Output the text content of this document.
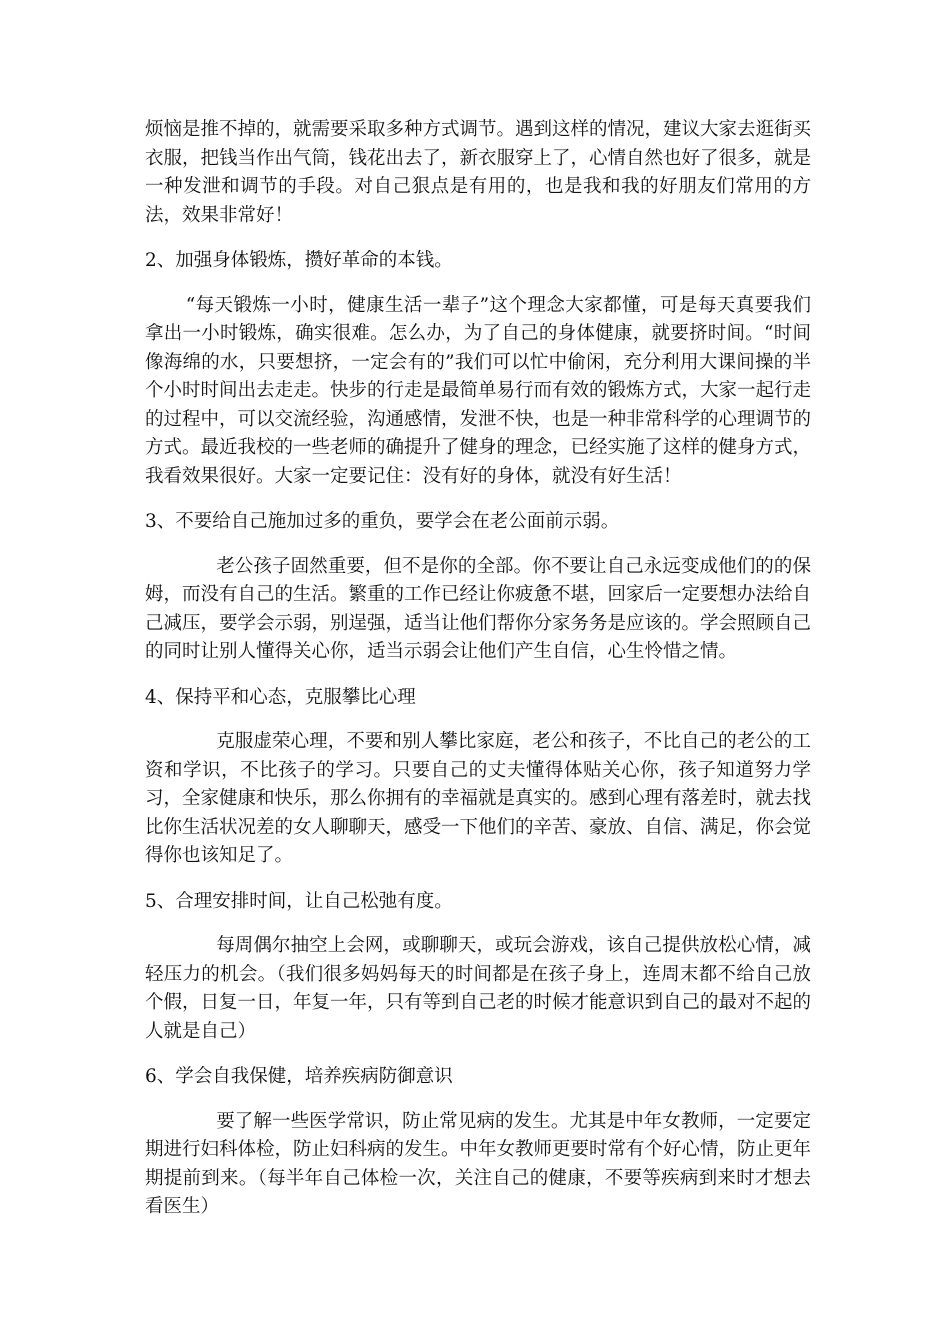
烦恼是推不掉的，就需要采取多种方式调节。遇到这样的情况，建议大家去逛街买衣服，把钱当作出气筒，钱花出去了，新衣服穿上了，心情自然也好了很多，就是一种发泄和调节的手段。对自己狠点是有用的，也是我和我的好朋友们常用的方法，效果非常好！

2、加强身体锻炼，攒好革命的本钱。

“每天锻炼一小时，健康生活一辈子”这个理念大家都懂，可是每天真要我们拿出一小时锻炼，确实很难。怎么办，为了自己的身体健康，就要挤时间。“时间像海绵的水，只要想挤，一定会有的”我们可以忙中偷闲，充分利用大课间操的半个小时时间出去走走。快步的行走是最简单易行而有效的锻炼方式，大家一起行走的过程中，可以交流经验，沟通感情，发泄不快，也是一种非常科学的心理调节的方式。最近我校的一些老师的确提升了健身的理念，已经实施了这样的健身方式，我看效果很好。大家一定要记住：没有好的身体，就没有好生活！

3、不要给自己施加过多的重负，要学会在老公面前示弱。

老公孩子固然重要，但不是你的全部。你不要让自己永远变成他们的的保姆，而没有自己的生活。繁重的工作已经让你疲惫不堪，回家后一定要想办法给自己减压，要学会示弱，别逞强，适当让他们帮你分家务务是应该的。学会照顾自己的同时让别人懂得关心你，适当示弱会让他们产生自信，心生怜惜之情。

4、保持平和心态，克服攀比心理

克服虚荣心理，不要和别人攀比家庭，老公和孩子，不比自己的老公的工资和学识，不比孩子的学习。只要自己的丈夫懂得体贴关心你，孩子知道努力学习，全家健康和快乐，那么你拥有的幸福就是真实的。感到心理有落差时，就去找比你生活状况差的女人聊聊天，感受一下他们的辛苦、豪放、自信、满足，你会觉得你也该知足了。

5、合理安排时间，让自己松弛有度。

每周偶尔抽空上会网，或聊聊天，或玩会游戏，该自己提供放松心情，减轻压力的机会。（我们很多妈妈每天的时间都是在孩子身上，连周末都不给自己放个假，日复一日，年复一年，只有等到自己老的时候才能意识到自己的最对不起的人就是自己）

6、学会自我保健，培养疾病防御意识

要了解一些医学常识，防止常见病的发生。尤其是中年女教师，一定要定期进行妇科体检，防止妇科病的发生。中年女教师更要时常有个好心情，防止更年期提前到来。（每半年自己体检一次，关注自己的健康，不要等疾病到来时才想去看医生）
